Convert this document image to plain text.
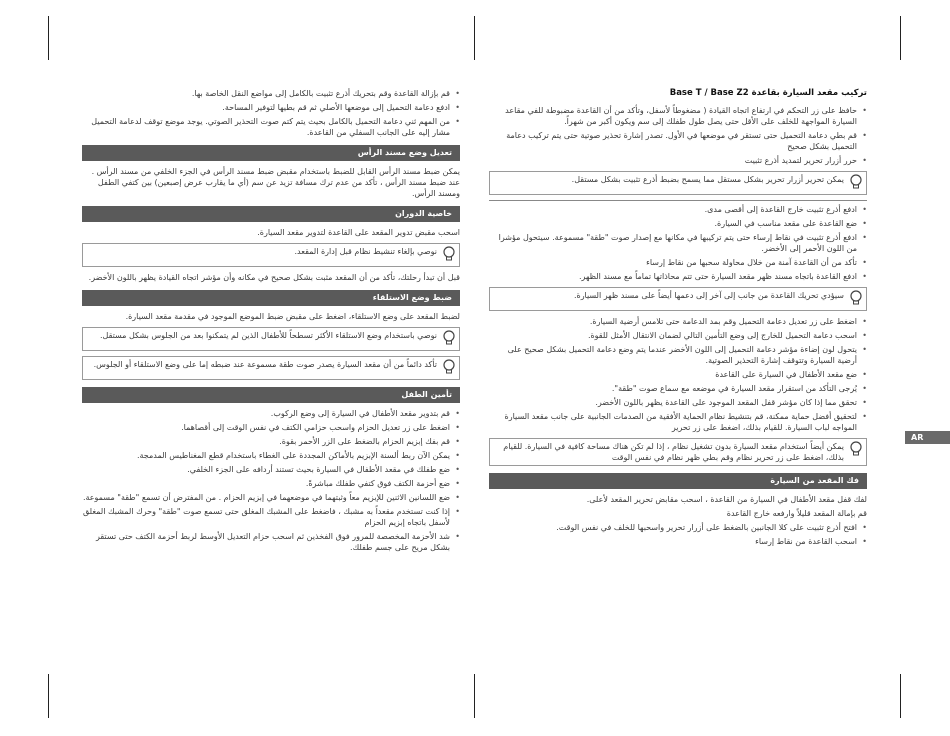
AR
Base T / Base Z2 تركيب مقعد السيارة بقاعدة
• حافظ على زر التحكم في ارتفاع اتجاه القيادة ( مضغوطاً لأسفل، وتأكد من أن القاعدة مضبوطة للفي مقاعد السيارة المواجهة للخلف على الأقل حتى يصل طول طفلك إلى سم ويكون أكبر من شهراً.
• قم بطي دعامة التحميل حتى تستقر في موضعها في الأول. تصدر إشارة تحذير صوتية حتى يتم تركيب دعامة التحميل بشكل صحيح
• حرر أزرار تحرير لتمديد أذرع تثبيت
يمكن تحرير أزرار تحرير بشكل مستقل مما يسمح بضبط أذرع تثبيت بشكل مستقل.
• ادفع أذرع تثبيت خارج القاعدة إلى أقصى مدى.
• ضع القاعدة على مقعد مناسب في السيارة.
• ادفع أذرع تثبيت في نقاط إرساء حتى يتم تركيبها في مكانها مع إصدار صوت "طقة" مسموعة. سيتحول مؤشرا من اللون الأحمر إلى الأخضر.
• تأكد من أن القاعدة آمنة من خلال محاولة سحبها من نقاط إرساء
• ادفع القاعدة باتجاه مسند ظهر مقعد السيارة حتى تتم محاذاتها تماماً مع مسند الظهر.
سيؤدي تحريك القاعدة من جانب إلى آخر إلى دعمها أيضاً على مسند ظهر السيارة.
• اضغط على زر تعديل دعامة التحميل وقم بمد الدعامة حتى تلامس أرضية السيارة.
• اسحب دعامة التحميل للخارج إلى وضع التأمين التالي لضمان الانتقال الأمثل للقوة.
• يتحول لون إضاءة مؤشر دعامة التحميل إلى اللون الأخضر عندما يتم وضع دعامة التحميل بشكل صحيح على أرضية السيارة وتتوقف إشارة التحذير الصوتية.
• ضع مقعد الأطفال في السيارة على القاعدة
• يُرجى التأكد من استقرار مقعد السيارة في موضعه مع سماع صوت "طقة".
• تحقق مما إذا كان مؤشر قفل المقعد الموجود على القاعدة يظهر باللون الأخضر.
• لتحقيق أفضل حماية ممكنة، قم بتنشيط نظام الحماية الأفقية من الصدمات الجانبية على جانب مقعد السيارة المواجه لباب السيارة. للقيام بذلك، اضغط على زر تحرير
يمكن أيضاً استخدام مقعد السيارة بدون تشغيل نظام ، إذا لم تكن هناك مساحة كافية في السيارة. للقيام بذلك، اضغط على زر تحرير نظام وقم بطي ظهر نظام في نفس الوقت
فك المقعد من السيارة
لفك قفل مقعد الأطفال في السيارة من القاعدة ، اسحب مقابض تحرير المقعد لأعلى.
قم بإمالة المقعد قليلاً وارفعه خارج القاعدة
• افتح أذرع تثبيت على كلا الجانبين بالضغط على أزرار تحرير واسحبها للخلف في نفس الوقت.
• اسحب القاعدة من نقاط إرساء
• قم بإزالة القاعدة وقم بتحريك أذرع تثبيت بالكامل إلى مواضع النقل الخاصة بها.
• ادفع دعامة التحميل إلى موضعها الأصلي ثم قم بطيها لتوفير المساحة.
• من المهم ثني دعامة التحميل بالكامل بحيث يتم كتم صوت التحذير الصوتي. يوجد موضع توقف لدعامة التحميل مشار إليه على الجانب السفلي من القاعدة.
تعديل وضع مسند الرأس
يمكن ضبط مسند الرأس القابل للضبط باستخدام مقبض ضبط مسند الرأس في الجزء الخلفي من مسند الرأس . عند ضبط مسند الرأس ، تأكد من عدم ترك مسافة تزيد عن سم (أي ما يقارب عرض إصبعين) بين كتفي الطفل ومسند الرأس.
خاصية الدوران
اسحب مقبض تدوير المقعد على القاعدة لتدوير مقعد السيارة.
نوصي بإلغاء تنشيط نظام قبل إدارة المقعد.
قبل أن تبدأ رحلتك، تأكد من أن المقعد مثبت بشكل صحيح في مكانه وأن مؤشر اتجاه القيادة يظهر باللون الأخضر.
ضبط وضع الاستلقاء
لضبط المقعد على وضع الاستلقاء، اضغط على مقبض ضبط الموضع الموجود في مقدمة مقعد السيارة.
نوصي باستخدام وضع الاستلقاء الأكثر تسطحاً للأطفال الذين لم يتمكنوا بعد من الجلوس بشكل مستقل.
تأكد دائماً من أن مقعد السيارة يصدر صوت طقة مسموعة عند ضبطه إما على وضع الاستلقاء أو الجلوس.
تأمين الطفل
• قم بتدوير مقعد الأطفال في السيارة إلى وضع الركوب.
• اضغط على زر تعديل الحزام واسحب حزامي الكتف في نفس الوقت إلى أقصاهما.
• قم بفك إبزيم الحزام بالضغط على الزر الأحمر بقوة.
• يمكن الآن ربط ألسنة الإبزيم بالأماكن المجددة على الغطاء باستخدام قطع المغناطيس المدمجة.
• ضع طفلك في مقعد الأطفال في السيارة بحيث تستند أردافه على الجزء الخلفي.
• ضع أحزمة الكتف فوق كتفي طفلك مباشرةً.
• ضع اللسانين الاثنين للإبزيم معاً وثبتهما في موضعهما في إبزيم الحزام . من المفترض أن تسمع "طقة" مسموعة.
• إذا كنت تستخدم مقعداً به مشبك ، فاضغط على المشبك المغلق حتى تسمع صوت "طقة" وحرك المشبك المغلق لأسفل باتجاه إبزيم الحزام
• شد الأحزمة المخصصة للمرور فوق الفخذين ثم اسحب حزام التعديل الأوسط لربط أحزمة الكتف حتى تستقر بشكل مريح على جسم طفلك.
